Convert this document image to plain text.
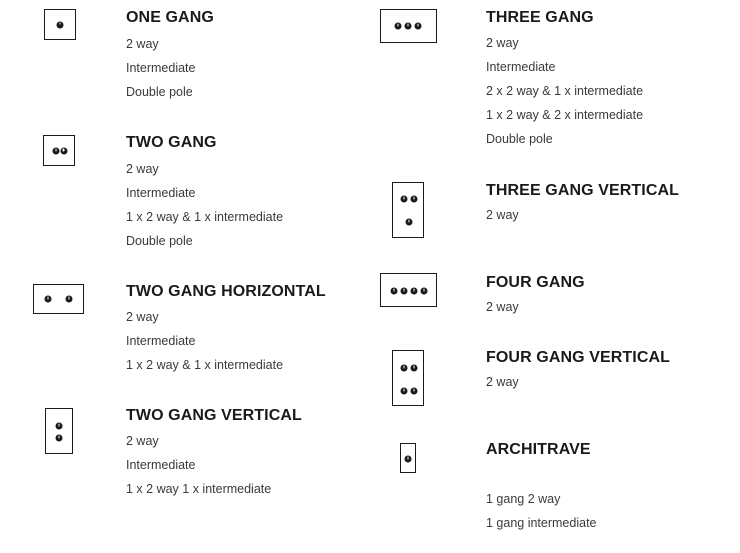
ONE GANG
2 way
Intermediate
Double pole
TWO GANG
2 way
Intermediate
1 x 2 way & 1 x intermediate
Double pole
TWO GANG HORIZONTAL
2 way
Intermediate
1 x 2 way & 1 x intermediate
TWO GANG VERTICAL
2 way
Intermediate
1 x 2 way 1 x intermediate
THREE GANG
2 way
Intermediate
2 x 2 way & 1 x intermediate
1 x 2 way & 2 x intermediate
Double pole
THREE GANG VERTICAL
2 way
FOUR GANG
2 way
FOUR GANG VERTICAL
2 way
ARCHITRAVE
1 gang 2 way
1 gang intermediate
